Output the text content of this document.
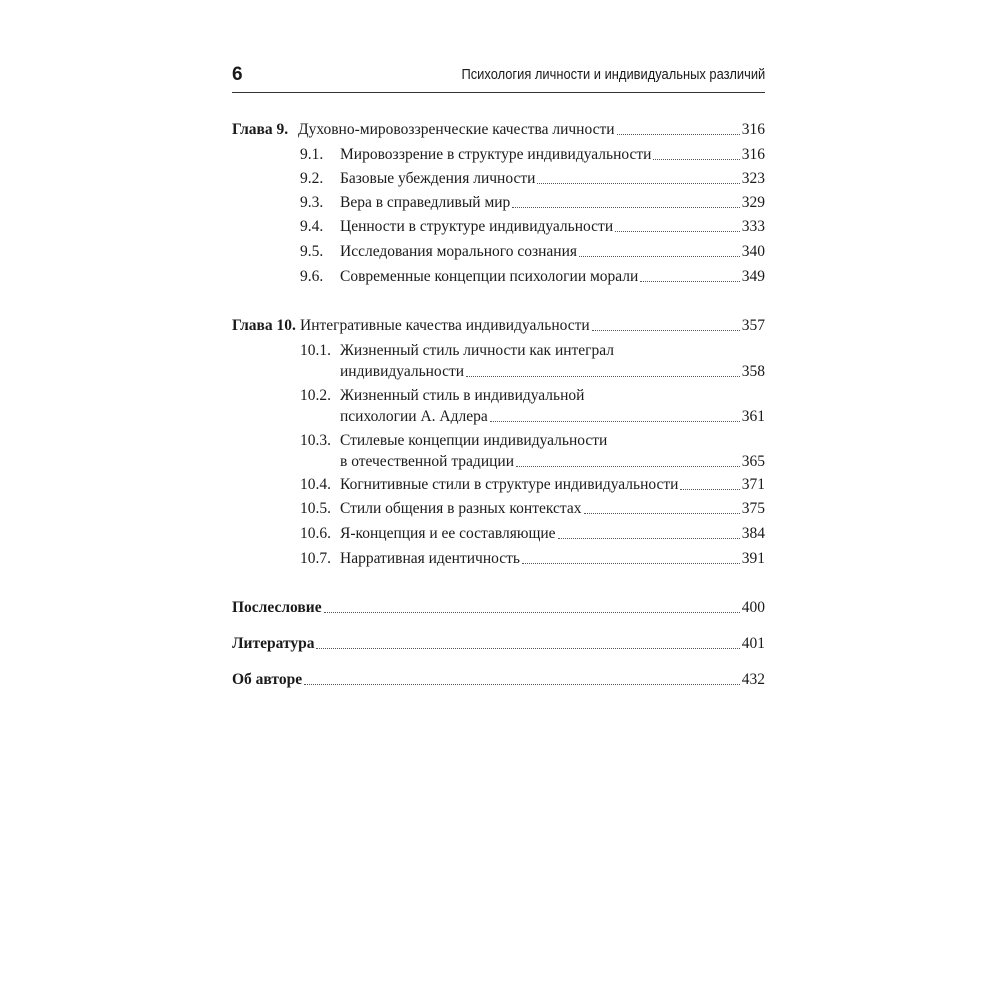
6	Психология личности и индивидуальных различий
Глава 9. Духовно-мировоззренческие качества личности	316
9.1. Мировоззрение в структуре индивидуальности	316
9.2. Базовые убеждения личности	323
9.3. Вера в справедливый мир	329
9.4. Ценности в структуре индивидуальности	333
9.5. Исследования морального сознания	340
9.6. Современные концепции психологии морали	349
Глава 10. Интегративные качества индивидуальности	357
10.1. Жизненный стиль личности как интеграл
индивидуальности	358
10.2. Жизненный стиль в индивидуальной
психологии А. Адлера	361
10.3. Стилевые концепции индивидуальности
в отечественной традиции	365
10.4. Когнитивные стили в структуре индивидуальности	371
10.5. Стили общения в разных контекстах	375
10.6. Я-концепция и ее составляющие	384
10.7. Нарративная идентичность	391
Послесловие	400
Литература	401
Об авторе	432
